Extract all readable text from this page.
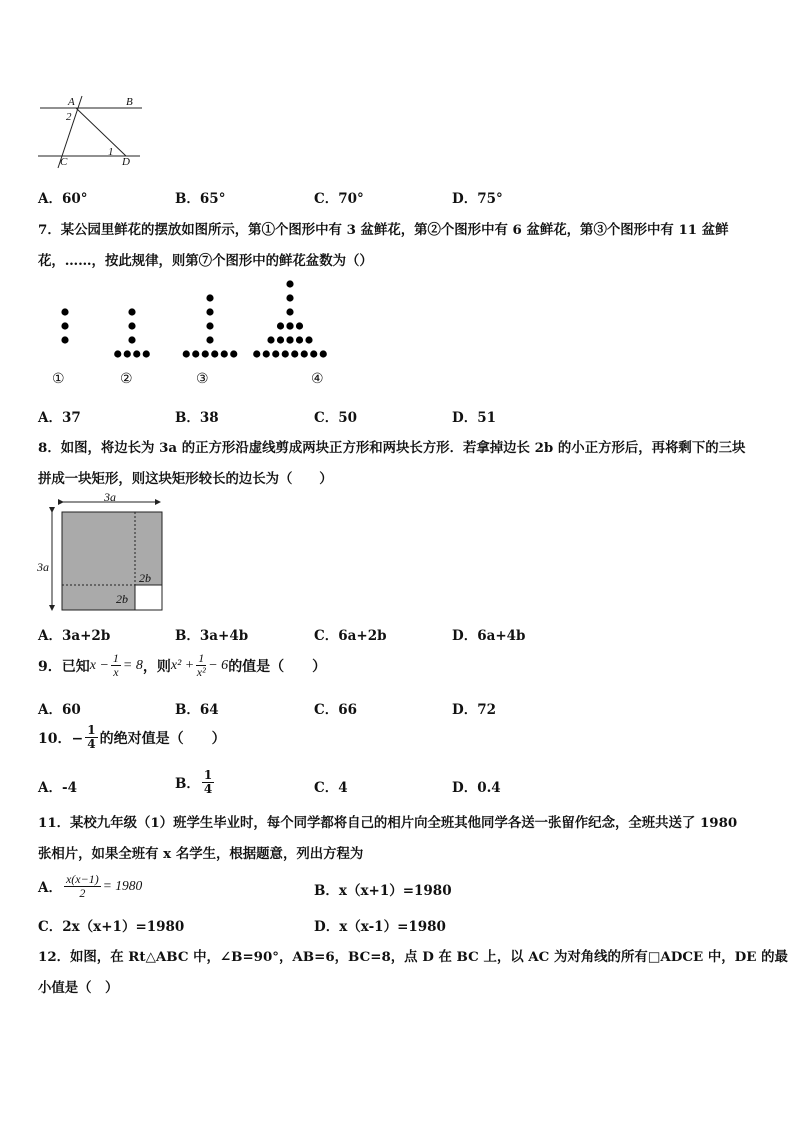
A	B
C	D
2
1
A．60°	B．65°	C．70°	D．75°
7．某公园里鲜花的摆放如图所示，第①个图形中有 3 盆鲜花，第②个图形中有 6 盆鲜花，第③个图形中有 11 盆鲜
花，……，按此规律，则第⑦个图形中的鲜花盆数为（）
①	②	③	④
A．37	B．38	C．50	D．51
8．如图，将边长为 3a 的正方形沿虚线剪成两块正方形和两块长方形．若拿掉边长 2b 的小正方形后，再将剩下的三块
拼成一块矩形，则这块矩形较长的边长为（　　）
3a
3a
2b
2b
A．3a+2b	B．3a+4b	C．6a+2b	D．6a+4b
9．已知 $x - \frac{1}{x} = 8$ ，则 $x^2 + \frac{1}{\text{x²}} - 6$ 的值是（　　）
A．60	B．64	C．66	D．72
10．− $\frac{1}{4}$ 的绝对值是（　　）
A．-4	B． $\frac{1}{4}$	C．4	D．0.4
11．某校九年级（1）班学生毕业时，每个同学都将自己的相片向全班其他同学各送一张留作纪念，全班共送了 1980
张相片，如果全班有 x 名学生，根据题意，列出方程为
A． $\frac{x(x-1)}{2} = 1980$	B．x（x+1）=1980
C．2x（x+1）=1980	D．x（x-1）=1980
12．如图，在 Rt△ABC 中，∠B=90°，AB=6，BC=8，点 D 在 BC 上，以 AC 为对角线的所有□ADCE 中，DE 的最
小值是（　）
